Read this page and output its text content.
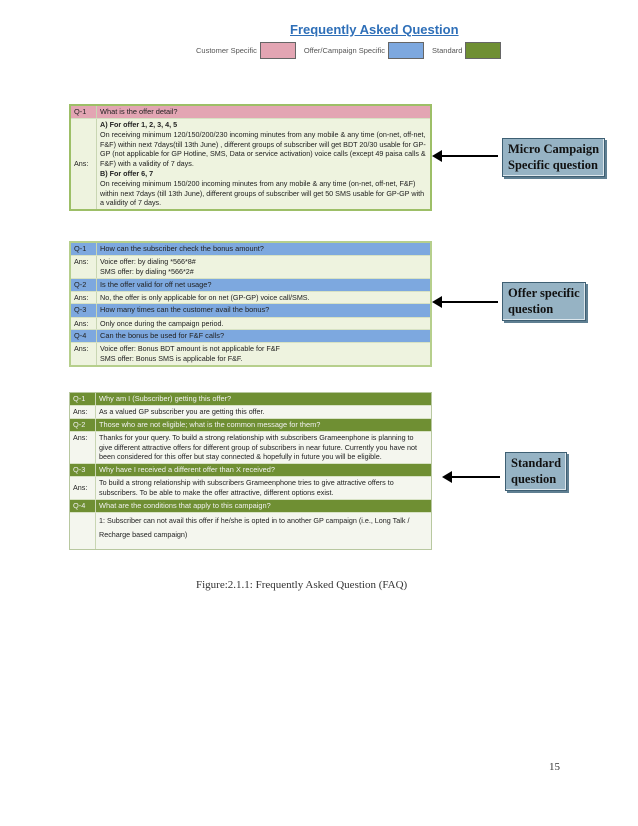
Frequently Asked Question
Customer Specific	Offer/Campaign Specific	Standard
Q-1	What is the offer detail?
Ans:
A) For offer 1, 2, 3, 4, 5
On receiving minimum 120/150/200/230 incoming minutes from any mobile & any time (on-net, off-net, F&F) within next 7days(till 13th June) , different groups of subscriber will get BDT 20/30 usable for GP-GP (not applicable for GP Hotline, SMS, Data or service activation) voice calls (except 49 paisa calls & F&F) with a validity of 7 days.
B) For offer 6, 7
On receiving minimum 150/200 incoming minutes from any mobile & any time (on-net, off-net, F&F) within next 7days (till 13th June), different groups of subscriber will get 50 SMS usable for GP-GP with a validity of 7 days.
Q-1	How can the subscriber check the bonus amount?
Ans:	Voice offer: by dialing *566*8#
SMS offer: by dialing *566*2#
Q-2	Is the offer valid for off net usage?
Ans:	No, the offer is only applicable for on net (GP-GP) voice call/SMS.
Q-3	How many times can the customer avail the bonus?
Ans:	Only once during the campaign period.
Q-4	Can the bonus be used for F&F calls?
Ans:	Voice offer: Bonus BDT amount is not applicable for F&F
SMS offer: Bonus SMS is applicable for F&F.
Q-1	Why am I (Subscriber) getting this offer?
Ans:	As a valued GP subscriber you are getting this offer.
Q-2	Those who are not eligible; what is the common message for them?
Ans:	Thanks for your query. To build a strong relationship with subscribers Grameenphone is planning to give different attractive offers for different group of subscribers in near future. Currently you have not been considered for this offer but stay connected & hopefully in future you will be eligible.
Q-3	Why have I received a different offer than X received?
Ans:
To build a strong relationship with subscribers Grameenphone tries to give attractive offers to subscribers. To be able to make the offer attractive, different options exist.
Q-4	What are the conditions that apply to this campaign?
1: Subscriber can not avail this offer if he/she is opted in to another GP campaign (i.e., Long Talk / Recharge based campaign)
Micro Campaign
Specific question
Offer specific
question
Standard
question
Figure:2.1.1: Frequently Asked Question (FAQ)
15
